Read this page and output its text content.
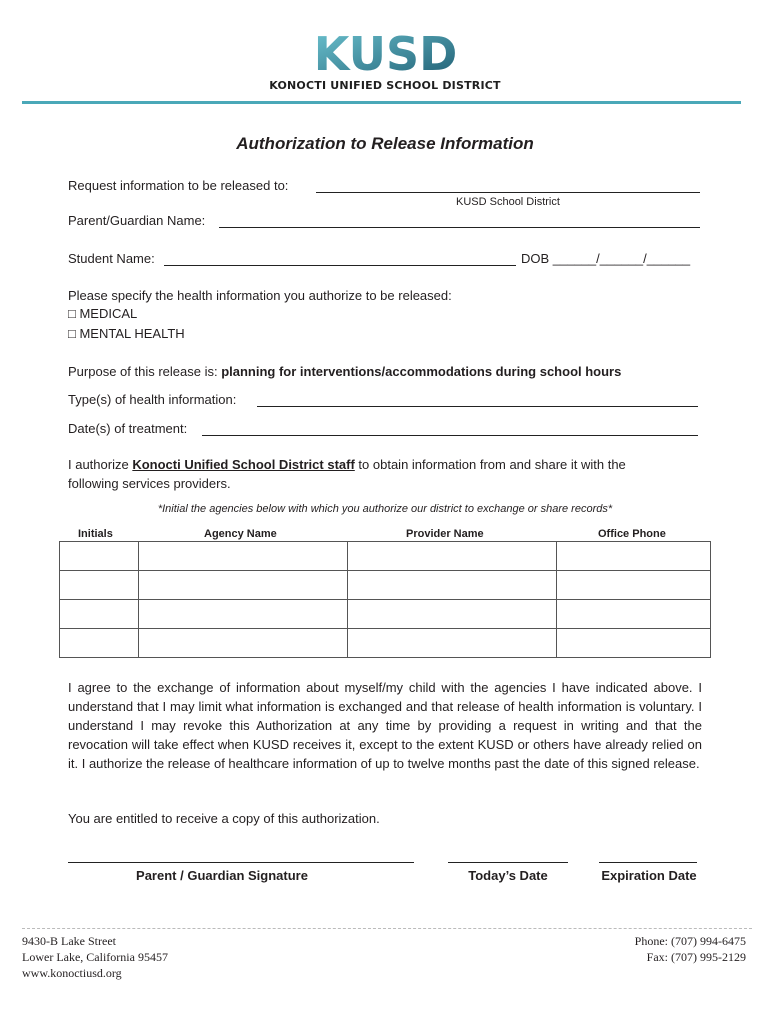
KUSD
KONOCTI UNIFIED SCHOOL DISTRICT
Authorization to Release Information
Request information to be released to:
KUSD School District
Parent/Guardian Name:
Student Name:	DOB ______/______/______
Please specify the health information you authorize to be released:
□ MEDICAL
□ MENTAL HEALTH
Purpose of this release is: planning for interventions/accommodations during school hours
Type(s) of health information:
Date(s) of treatment:
I authorize Konocti Unified School District staff to obtain information from and share it with the
following services providers.
*Initial the agencies below with which you authorize our district to exchange or share records*
Initials	Agency Name	Provider Name	Office Phone

I agree to the exchange of information about myself/my child with the agencies I have indicated above. I understand that I may limit what information is exchanged and that release of health information is voluntary. I understand I may revoke this Authorization at any time by providing a request in writing and that the revocation will take effect when KUSD receives it, except to the extent KUSD or others have already relied on it. I authorize the release of healthcare information of up to twelve months past the date of this signed release.
You are entitled to receive a copy of this authorization.
Parent / Guardian Signature	Today’s Date	Expiration Date
9430-B Lake Street
Lower Lake, California 95457
www.konoctiusd.org
Phone: (707) 994-6475
Fax: (707) 995-2129
